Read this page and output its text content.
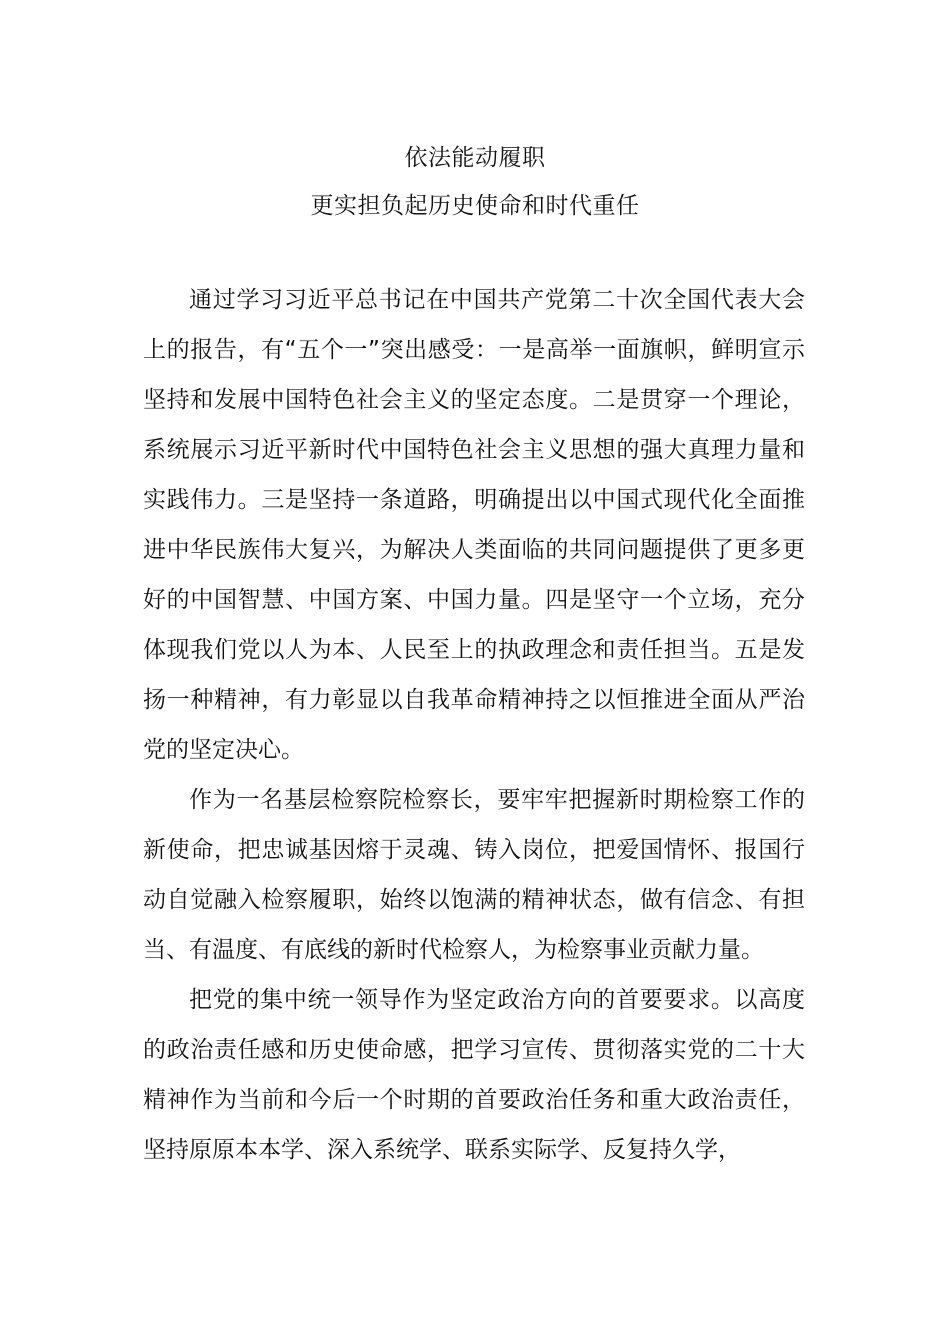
依法能动履职
更实担负起历史使命和时代重任

通过学习习近平总书记在中国共产党第二十次全国代表大会上的报告，有“五个一”突出感受：一是高举一面旗帜，鲜明宣示坚持和发展中国特色社会主义的坚定态度。二是贯穿一个理论，系统展示习近平新时代中国特色社会主义思想的强大真理力量和实践伟力。三是坚持一条道路，明确提出以中国式现代化全面推进中华民族伟大复兴，为解决人类面临的共同问题提供了更多更好的中国智慧、中国方案、中国力量。四是坚守一个立场，充分体现我们党以人为本、人民至上的执政理念和责任担当。五是发扬一种精神，有力彰显以自我革命精神持之以恒推进全面从严治党的坚定决心。

作为一名基层检察院检察长，要牢牢把握新时期检察工作的新使命，把忠诚基因熔于灵魂、铸入岗位，把爱国情怀、报国行动自觉融入检察履职，始终以饱满的精神状态，做有信念、有担当、有温度、有底线的新时代检察人，为检察事业贡献力量。

把党的集中统一领导作为坚定政治方向的首要要求。以高度的政治责任感和历史使命感，把学习宣传、贯彻落实党的二十大精神作为当前和今后一个时期的首要政治任务和重大政治责任，坚持原原本本学、深入系统学、联系实际学、反复持久学，
